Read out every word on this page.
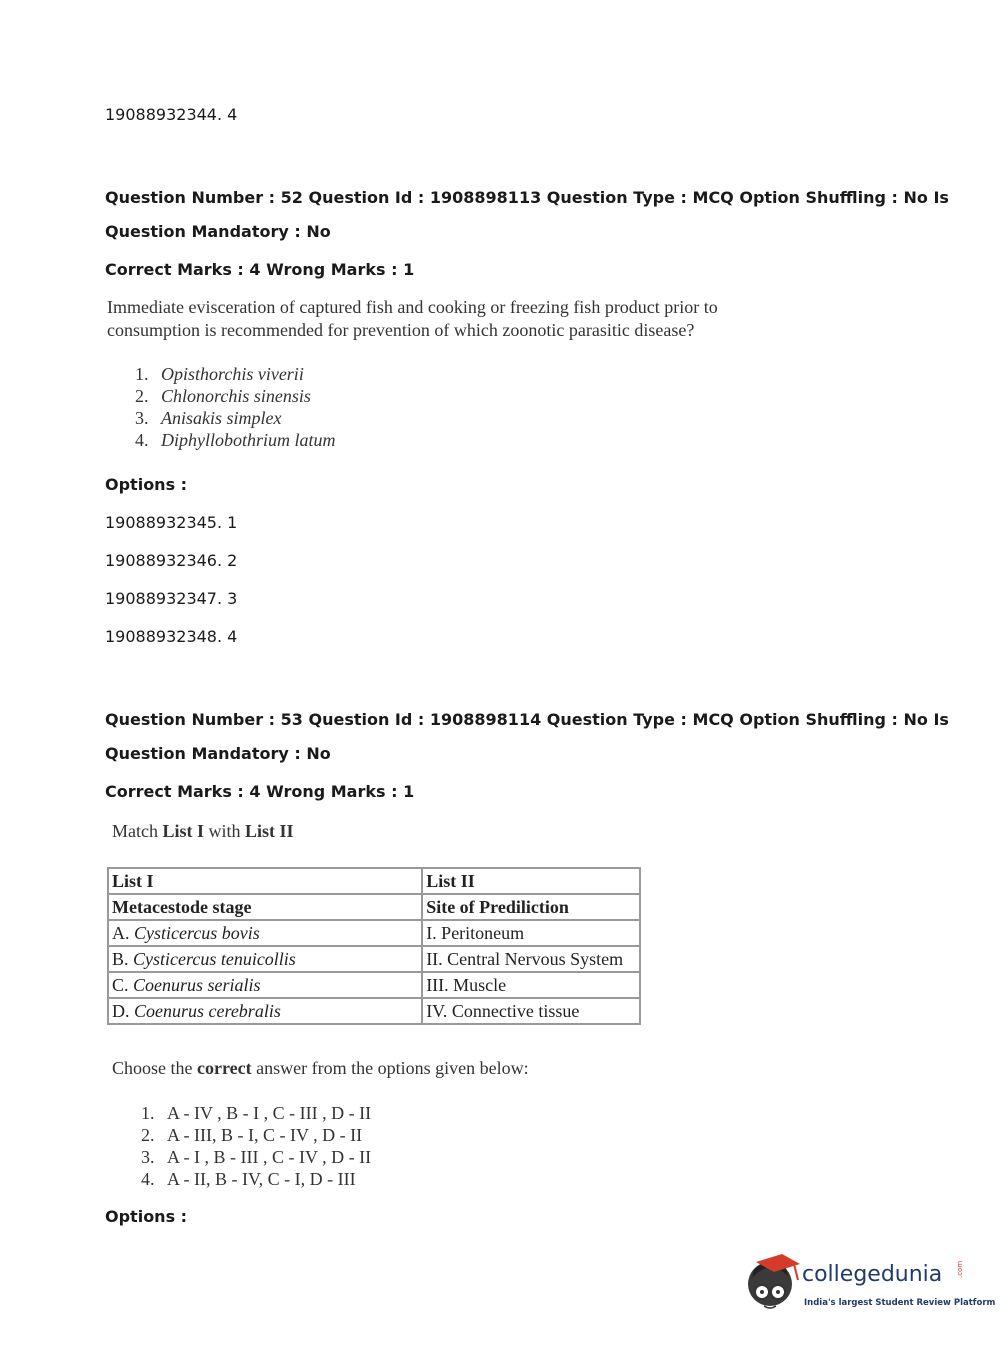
19088932344. 4
Question Number : 52 Question Id : 1908898113 Question Type : MCQ Option Shuffling : No Is
Question Mandatory : No
Correct Marks : 4 Wrong Marks : 1
Immediate evisceration of captured fish and cooking or freezing fish product prior to
consumption is recommended for prevention of which zoonotic parasitic disease?
1. Opisthorchis viverii
2. Chlonorchis sinensis
3. Anisakis simplex
4. Diphyllobothrium latum
Options :
19088932345. 1
19088932346. 2
19088932347. 3
19088932348. 4
Question Number : 53 Question Id : 1908898114 Question Type : MCQ Option Shuffling : No Is
Question Mandatory : No
Correct Marks : 4 Wrong Marks : 1
Match List I with List II
List I	List II
Metacestode stage	Site of Prediliction
A. Cysticercus bovis	I. Peritoneum
B. Cysticercus tenuicollis	II. Central Nervous System
C. Coenurus serialis	III. Muscle
D. Coenurus cerebralis	IV. Connective tissue
Choose the correct answer from the options given below:
1. A - IV , B - I , C - III , D - II
2. A - III, B - I, C - IV , D - II
3. A - I , B - III , C - IV , D - II
4. A - II, B - IV, C - I, D - III
Options :
collegedunia .com
India's largest Student Review Platform
